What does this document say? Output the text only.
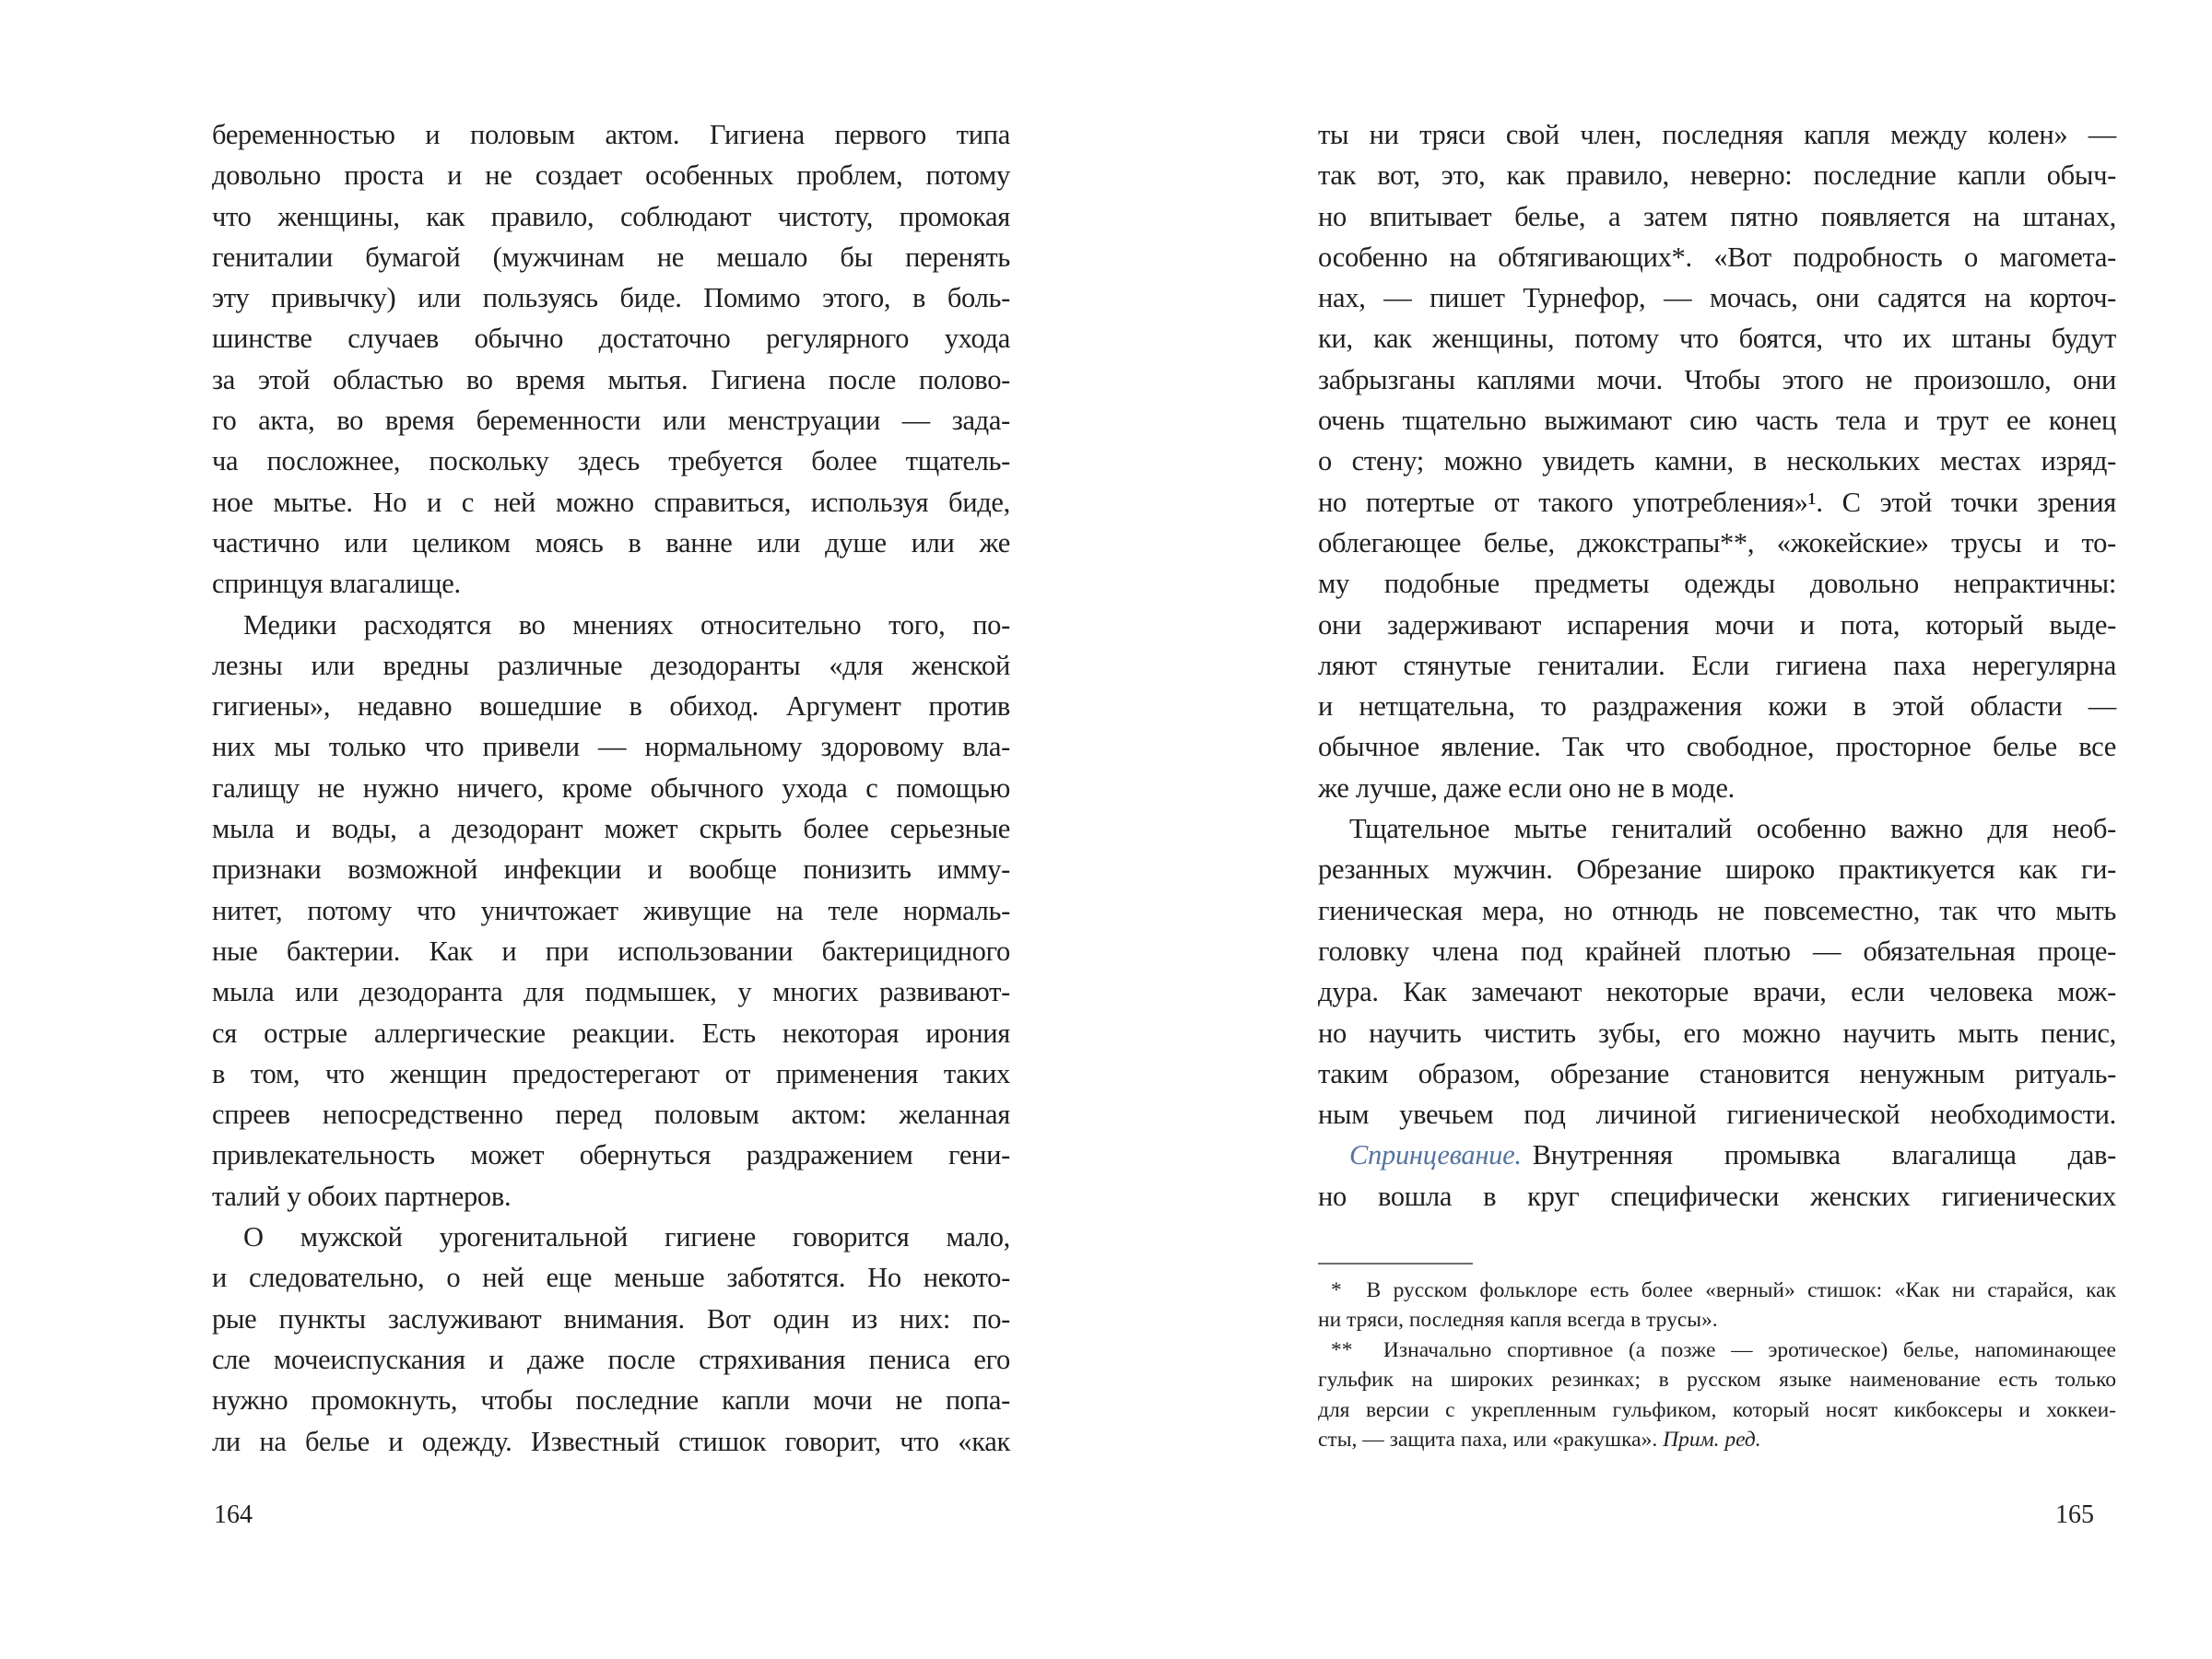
беременностью и половым актом. Гигиена первого типа
довольно проста и не создает особенных проблем, потому
что женщины, как правило, соблюдают чистоту, промокая
гениталии бумагой (мужчинам не мешало бы перенять
эту привычку) или пользуясь биде. Помимо этого, в боль-
шинстве случаев обычно достаточно регулярного ухода
за этой областью во время мытья. Гигиена после полово-
го акта, во время беременности или менструации — зада-
ча посложнее, поскольку здесь требуется более тщатель-
ное мытье. Но и с ней можно справиться, используя биде,
частично или целиком моясь в ванне или душе или же
спринцуя влагалище.
Медики расходятся во мнениях относительно того, по-
лезны или вредны различные дезодоранты «для женской
гигиены», недавно вошедшие в обиход. Аргумент против
них мы только что привели — нормальному здоровому вла-
галищу не нужно ничего, кроме обычного ухода с помощью
мыла и воды, а дезодорант может скрыть более серьезные
признаки возможной инфекции и вообще понизить имму-
нитет, потому что уничтожает живущие на теле нормаль-
ные бактерии. Как и при использовании бактерицидного
мыла или дезодоранта для подмышек, у многих развивают-
ся острые аллергические реакции. Есть некоторая ирония
в том, что женщин предостерегают от применения таких
спреев непосредственно перед половым актом: желанная
привлекательность может обернуться раздражением гени-
талий у обоих партнеров.
О мужской урогенитальной гигиене говорится мало,
и следовательно, о ней еще меньше заботятся. Но некото-
рые пункты заслуживают внимания. Вот один из них: по-
сле мочеиспускания и даже после стряхивания пениса его
нужно промокнуть, чтобы последние капли мочи не попа-
ли на белье и одежду. Известный стишок говорит, что «как
164
ты ни тряси свой член, последняя капля между колен» —
так вот, это, как правило, неверно: последние капли обыч-
но впитывает белье, а затем пятно появляется на штанах,
особенно на обтягивающих*. «Вот подробность о магомета-
нах, — пишет Турнефор, — мочась, они садятся на корточ-
ки, как женщины, потому что боятся, что их штаны будут
забрызганы каплями мочи. Чтобы этого не произошло, они
очень тщательно выжимают сию часть тела и трут ее конец
о стену; можно увидеть камни, в нескольких местах изряд-
но потертые от такого употребления»¹. С этой точки зрения
облегающее белье, джокстрапы**, «жокейские» трусы и то-
му подобные предметы одежды довольно непрактичны:
они задерживают испарения мочи и пота, который выде-
ляют стянутые гениталии. Если гигиена паха нерегулярна
и нетщательна, то раздражения кожи в этой области —
обычное явление. Так что свободное, просторное белье все
же лучше, даже если оно не в моде.
Тщательное мытье гениталий особенно важно для необ-
резанных мужчин. Обрезание широко практикуется как ги-
гиеническая мера, но отнюдь не повсеместно, так что мыть
головку члена под крайней плотью — обязательная проце-
дура. Как замечают некоторые врачи, если человека мож-
но научить чистить зубы, его можно научить мыть пенис,
таким образом, обрезание становится ненужным ритуаль-
ным увечьем под личиной гигиенической необходимости.
Спринцевание. Внутренняя промывка влагалища дав-
но вошла в круг специфически женских гигиенических
*  В русском фольклоре есть более «верный» стишок: «Как ни старайся, как
ни тряси, последняя капля всегда в трусы».
**  Изначально спортивное (а позже — эротическое) белье, напоминающее
гульфик на широких резинках; в русском языке наименование есть только
для версии с укрепленным гульфиком, который носят кикбоксеры и хоккеи-
сты, — защита паха, или «ракушка». Прим. ред.
165
